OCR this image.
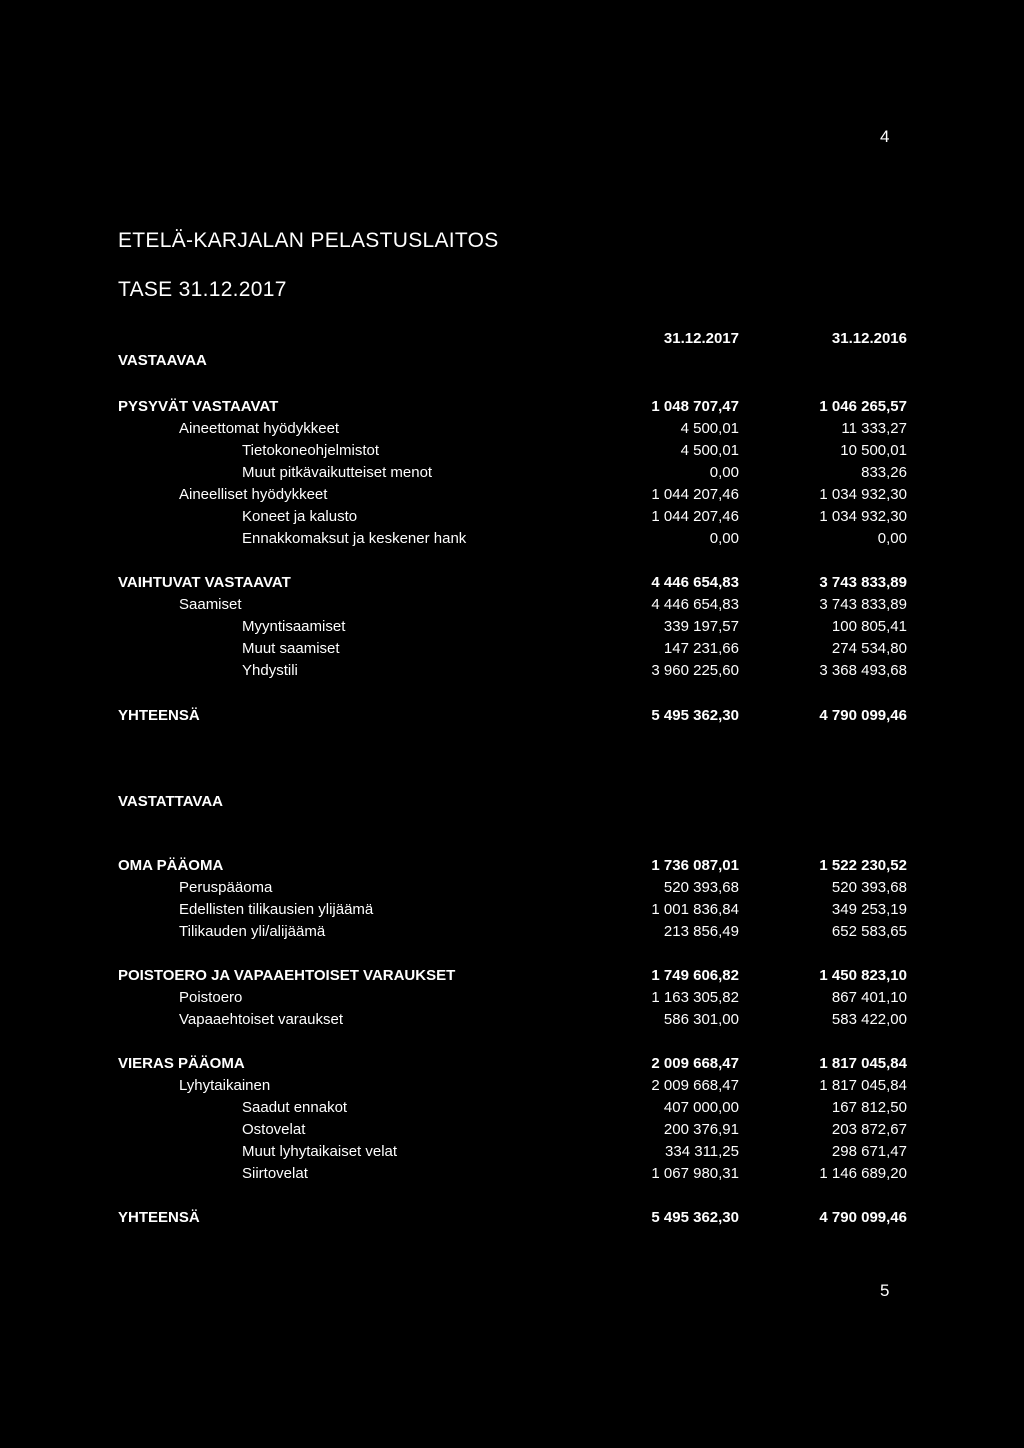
4
ETELÄ-KARJALAN PELASTUSLAITOS
TASE 31.12.2017
31.12.2017	31.12.2016
VASTAAVAA
PYSYVÄT VASTAAVAT	1 048 707,47	1 046 265,57
Aineettomat hyödykkeet	4 500,01	11 333,27
Tietokoneohjelmistot	4 500,01	10 500,01
Muut pitkävaikutteiset menot	0,00	833,26
Aineelliset hyödykkeet	1 044 207,46	1 034 932,30
Koneet ja kalusto	1 044 207,46	1 034 932,30
Ennakkomaksut ja keskener hank	0,00	0,00
VAIHTUVAT VASTAAVAT	4 446 654,83	3 743 833,89
Saamiset	4 446 654,83	3 743 833,89
Myyntisaamiset	339 197,57	100 805,41
Muut saamiset	147 231,66	274 534,80
Yhdystili	3 960 225,60	3 368 493,68
YHTEENSÄ	5 495 362,30	4 790 099,46
VASTATTAVAA
OMA PÄÄOMA	1 736 087,01	1 522 230,52
Peruspääoma	520 393,68	520 393,68
Edellisten tilikausien ylijäämä	1 001 836,84	349 253,19
Tilikauden yli/alijäämä	213 856,49	652 583,65
POISTOERO JA VAPAAEHTOISET VARAUKSET	1 749 606,82	1 450 823,10
Poistoero	1 163 305,82	867 401,10
Vapaaehtoiset varaukset	586 301,00	583 422,00
VIERAS PÄÄOMA	2 009 668,47	1 817 045,84
Lyhytaikainen	2 009 668,47	1 817 045,84
Saadut ennakot	407 000,00	167 812,50
Ostovelat	200 376,91	203 872,67
Muut lyhytaikaiset velat	334 311,25	298 671,47
Siirtovelat	1 067 980,31	1 146 689,20
YHTEENSÄ	5 495 362,30	4 790 099,46
5
